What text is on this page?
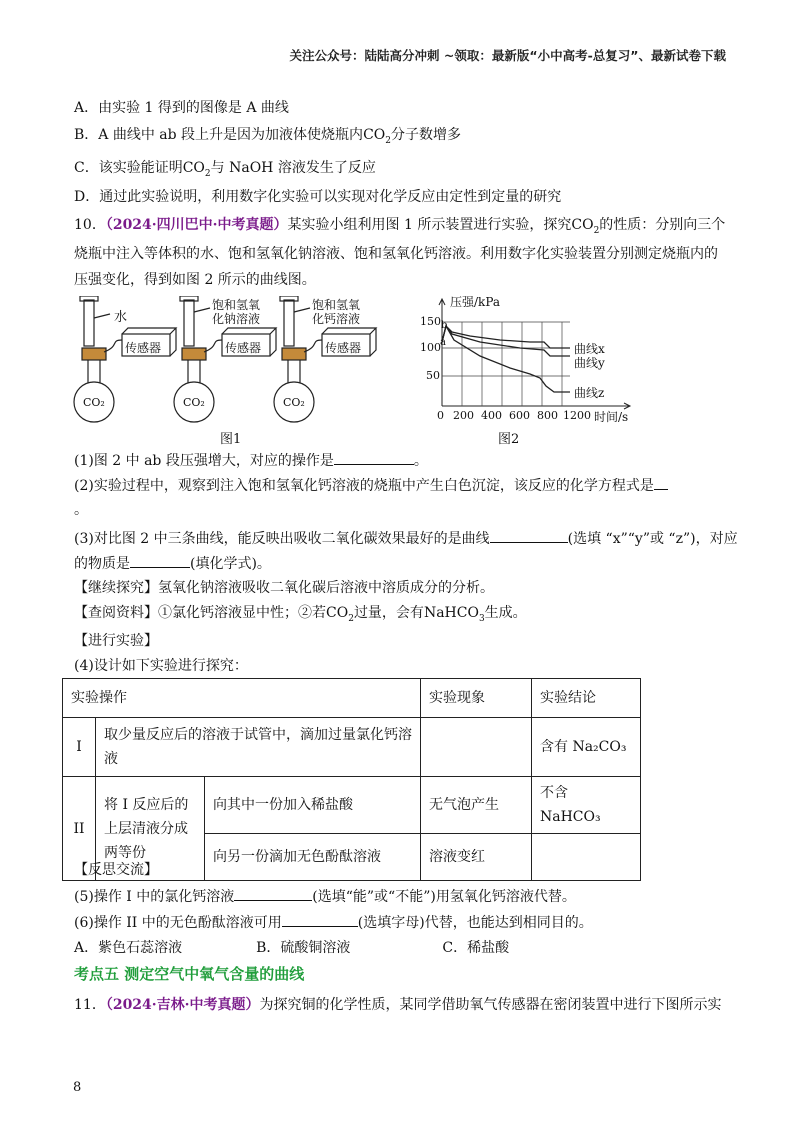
关注公众号：陆陆高分冲刺 ~领取：最新版“小中高考-总复习”、最新试卷下载
A．由实验 1 得到的图像是 A 曲线
B．A 曲线中 ab 段上升是因为加液体使烧瓶内$CO_2$分子数增多
C．该实验能证明$CO_2$与 NaOH 溶液发生了反应
D．通过此实验说明，利用数字化实验可以实现对化学反应由定性到定量的研究
10．（2024·四川巴中·中考真题）某实验小组利用图 1 所示装置进行实验，探究$CO_2$的性质：分别向三个
烧瓶中注入等体积的水、饱和氢氧化钠溶液、饱和氢氧化钙溶液。利用数字化实验装置分别测定烧瓶内的
压强变化，得到如图 2 所示的曲线图。
水
饱和氢氧
化钠溶液
饱和氢氧
化钙溶液
传感器	传感器	传感器
CO₂	CO₂	CO₂
图1
压强/kPa
150
100
50
a
b
曲线x
曲线y
曲线z
0 200 400 600 800 1200 时间/s
图2
(1)图 2 中 ab 段压强增大，对应的操作是	。
(2)实验过程中，观察到注入饱和氢氧化钙溶液的烧瓶中产生白色沉淀，该反应的化学方程式是
。
(3)对比图 2 中三条曲线，能反映出吸收二氧化碳效果最好的是曲线	(选填 “x”“y”或 “z”)，对应
的物质是	(填化学式)。
【继续探究】氢氧化钠溶液吸收二氧化碳后溶液中溶质成分的分析。
【查阅资料】①氯化钙溶液显中性；②若$CO_2$过量，会有NaHCO$_3$生成。
【进行实验】
(4)设计如下实验进行探究：
实验操作			实验现象	实验结论
I	取少量反应后的溶液于试管中，滴加过量氯化钙溶液			含有 Na₂CO₃
II	将 I 反应后的上层清液分成两等份	向其中一份加入稀盐酸	无气泡产生	不含 NaHCO₃
		向另一份滴加无色酚酞溶液	溶液变红	
【反思交流】
(5)操作 I 中的氯化钙溶液	(选填“能”或“不能”)用氢氧化钙溶液代替。
(6)操作 II 中的无色酚酞溶液可用	(选填字母)代替，也能达到相同目的。
A．紫色石蕊溶液	B．硫酸铜溶液	C．稀盐酸
考点五 测定空气中氧气含量的曲线
11．（2024·吉林·中考真题）为探究铜的化学性质，某同学借助氧气传感器在密闭装置中进行下图所示实
8
